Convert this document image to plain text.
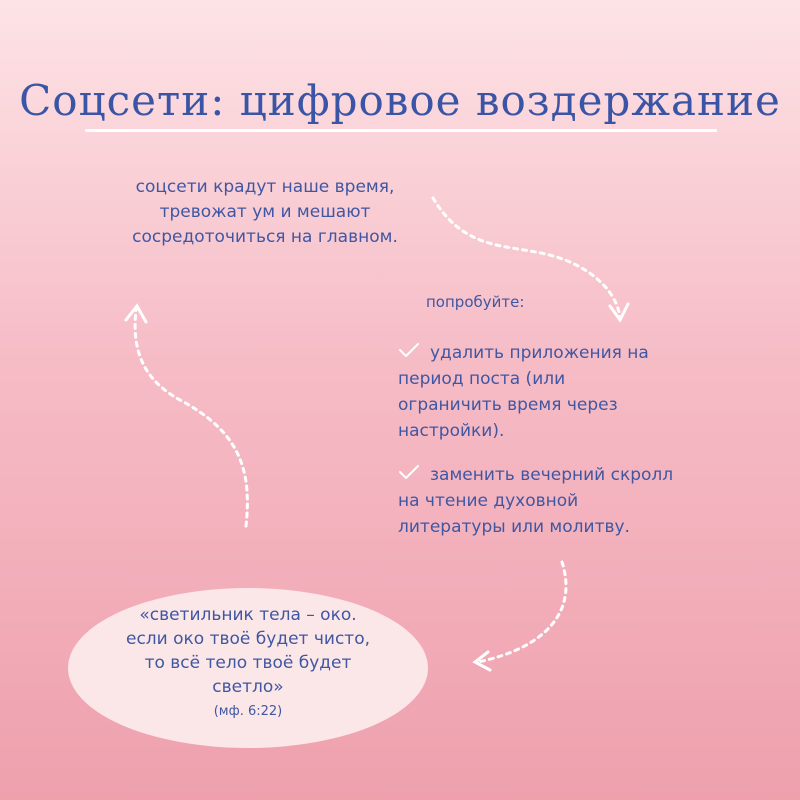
Соцсети: цифровое воздержание
соцсети крадут наше время,
тревожат ум и мешают
сосредоточиться на главном.
попробуйте:
удалить приложения на
период поста (или
ограничить время через
настройки).
заменить вечерний скролл
на чтение духовной
литературы или молитву.
«светильник тела – око.
если око твоё будет чисто,
то всё тело твоё будет
светло»
(мф. 6:22)
